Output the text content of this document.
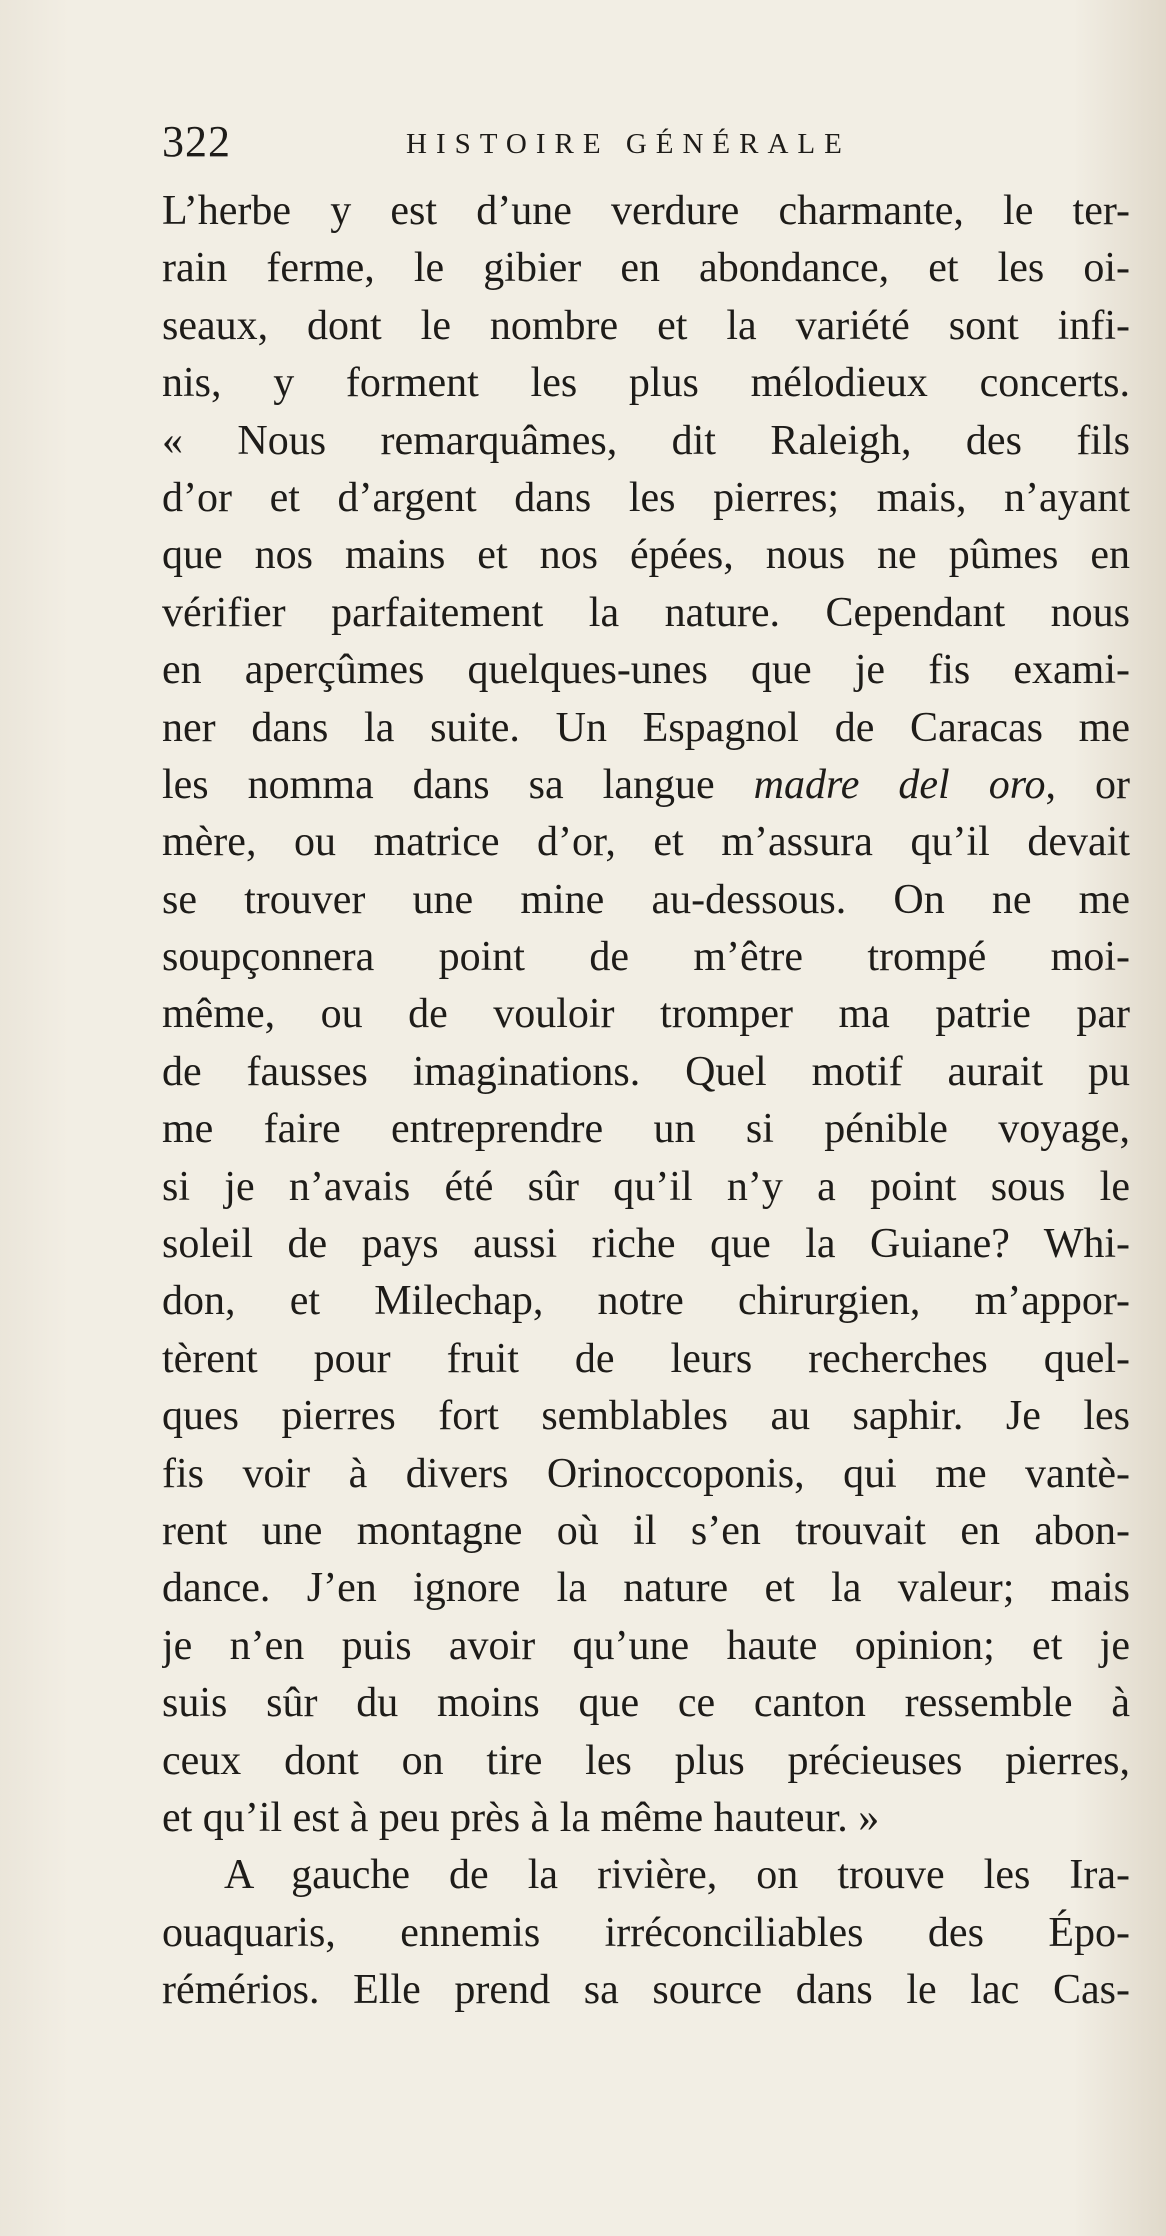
322	HISTOIRE GÉNÉRALE
L’herbe y est d’une verdure charmante, le ter-
rain ferme, le gibier en abondance, et les oi-
seaux, dont le nombre et la variété sont infi-
nis, y forment les plus mélodieux concerts.
« Nous remarquâmes, dit Raleigh, des fils
d’or et d’argent dans les pierres; mais, n’ayant
que nos mains et nos épées, nous ne pûmes en
vérifier parfaitement la nature. Cependant nous
en aperçûmes quelques-unes que je fis exami-
ner dans la suite. Un Espagnol de Caracas me
les nomma dans sa langue madre del oro, or
mère, ou matrice d’or, et m’assura qu’il devait
se trouver une mine au-dessous. On ne me
soupçonnera point de m’être trompé moi-
même, ou de vouloir tromper ma patrie par
de fausses imaginations. Quel motif aurait pu
me faire entreprendre un si pénible voyage,
si je n’avais été sûr qu’il n’y a point sous le
soleil de pays aussi riche que la Guiane? Whi-
don, et Milechap, notre chirurgien, m’appor-
tèrent pour fruit de leurs recherches quel-
ques pierres fort semblables au saphir. Je les
fis voir à divers Orinoccoponis, qui me vantè-
rent une montagne où il s’en trouvait en abon-
dance. J’en ignore la nature et la valeur; mais
je n’en puis avoir qu’une haute opinion; et je
suis sûr du moins que ce canton ressemble à
ceux dont on tire les plus précieuses pierres,
et qu’il est à peu près à la même hauteur. »
A gauche de la rivière, on trouve les Ira-
ouaquaris, ennemis irréconciliables des Épo-
rémérios. Elle prend sa source dans le lac Cas-
